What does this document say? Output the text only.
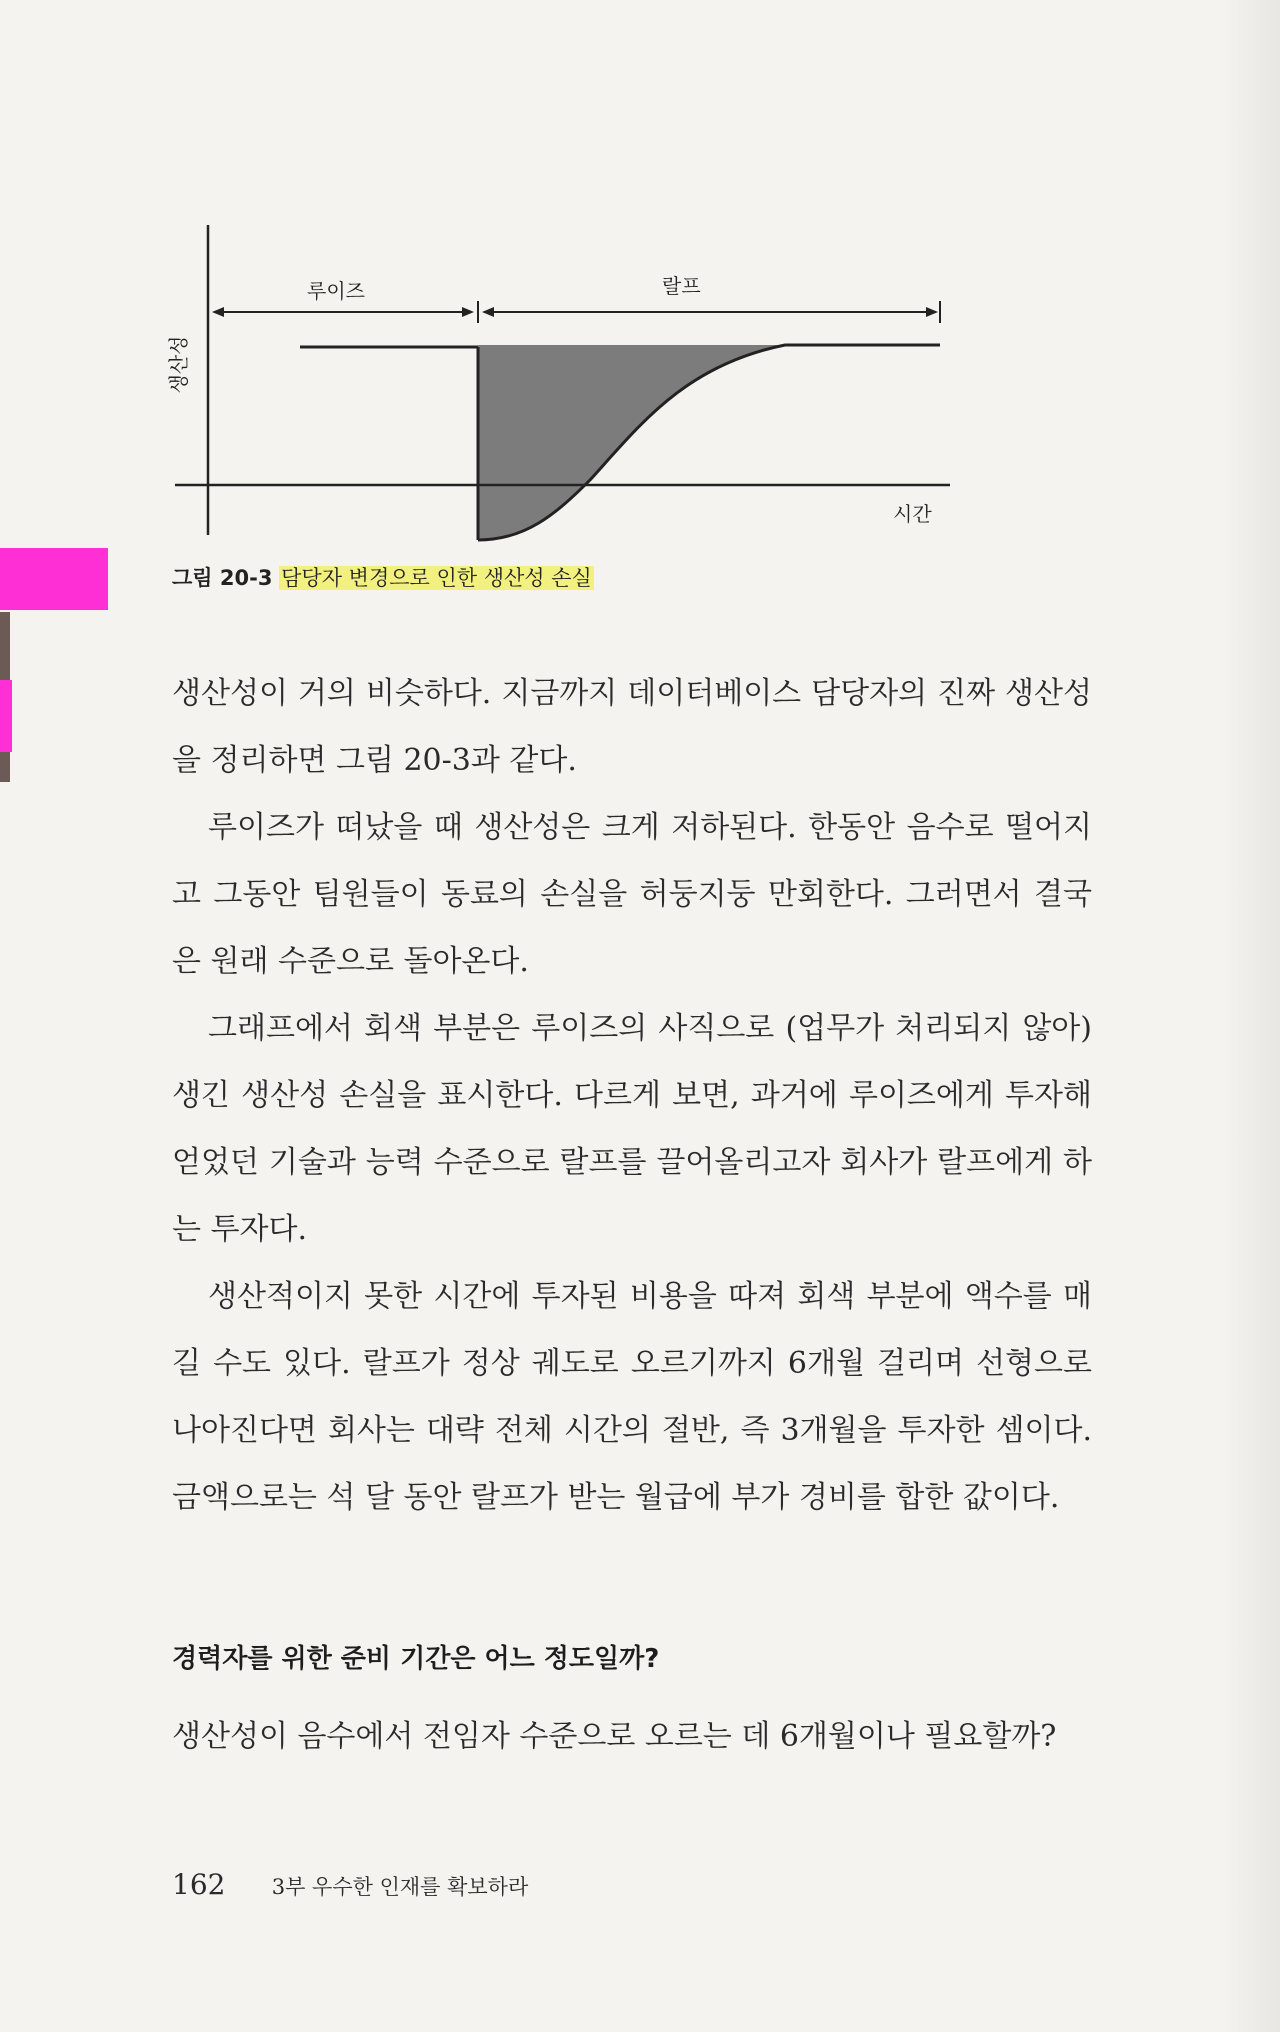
루이즈	랄프
시간
생산성
그림 20-3 담당자 변경으로 인한 생산성 손실

생산성이 거의 비슷하다. 지금까지 데이터베이스 담당자의 진짜 생산성을 정리하면 그림 20-3과 같다.

루이즈가 떠났을 때 생산성은 크게 저하된다. 한동안 음수로 떨어지고 그동안 팀원들이 동료의 손실을 허둥지둥 만회한다. 그러면서 결국은 원래 수준으로 돌아온다.

그래프에서 회색 부분은 루이즈의 사직으로 (업무가 처리되지 않아) 생긴 생산성 손실을 표시한다. 다르게 보면, 과거에 루이즈에게 투자해 얻었던 기술과 능력 수준으로 랄프를 끌어올리고자 회사가 랄프에게 하는 투자다.

생산적이지 못한 시간에 투자된 비용을 따져 회색 부분에 액수를 매길 수도 있다. 랄프가 정상 궤도로 오르기까지 6개월 걸리며 선형으로 나아진다면 회사는 대략 전체 시간의 절반, 즉 3개월을 투자한 셈이다. 금액으로는 석 달 동안 랄프가 받는 월급에 부가 경비를 합한 값이다.

경력자를 위한 준비 기간은 어느 정도일까?
생산성이 음수에서 전임자 수준으로 오르는 데 6개월이나 필요할까?
162 3부 우수한 인재를 확보하라
